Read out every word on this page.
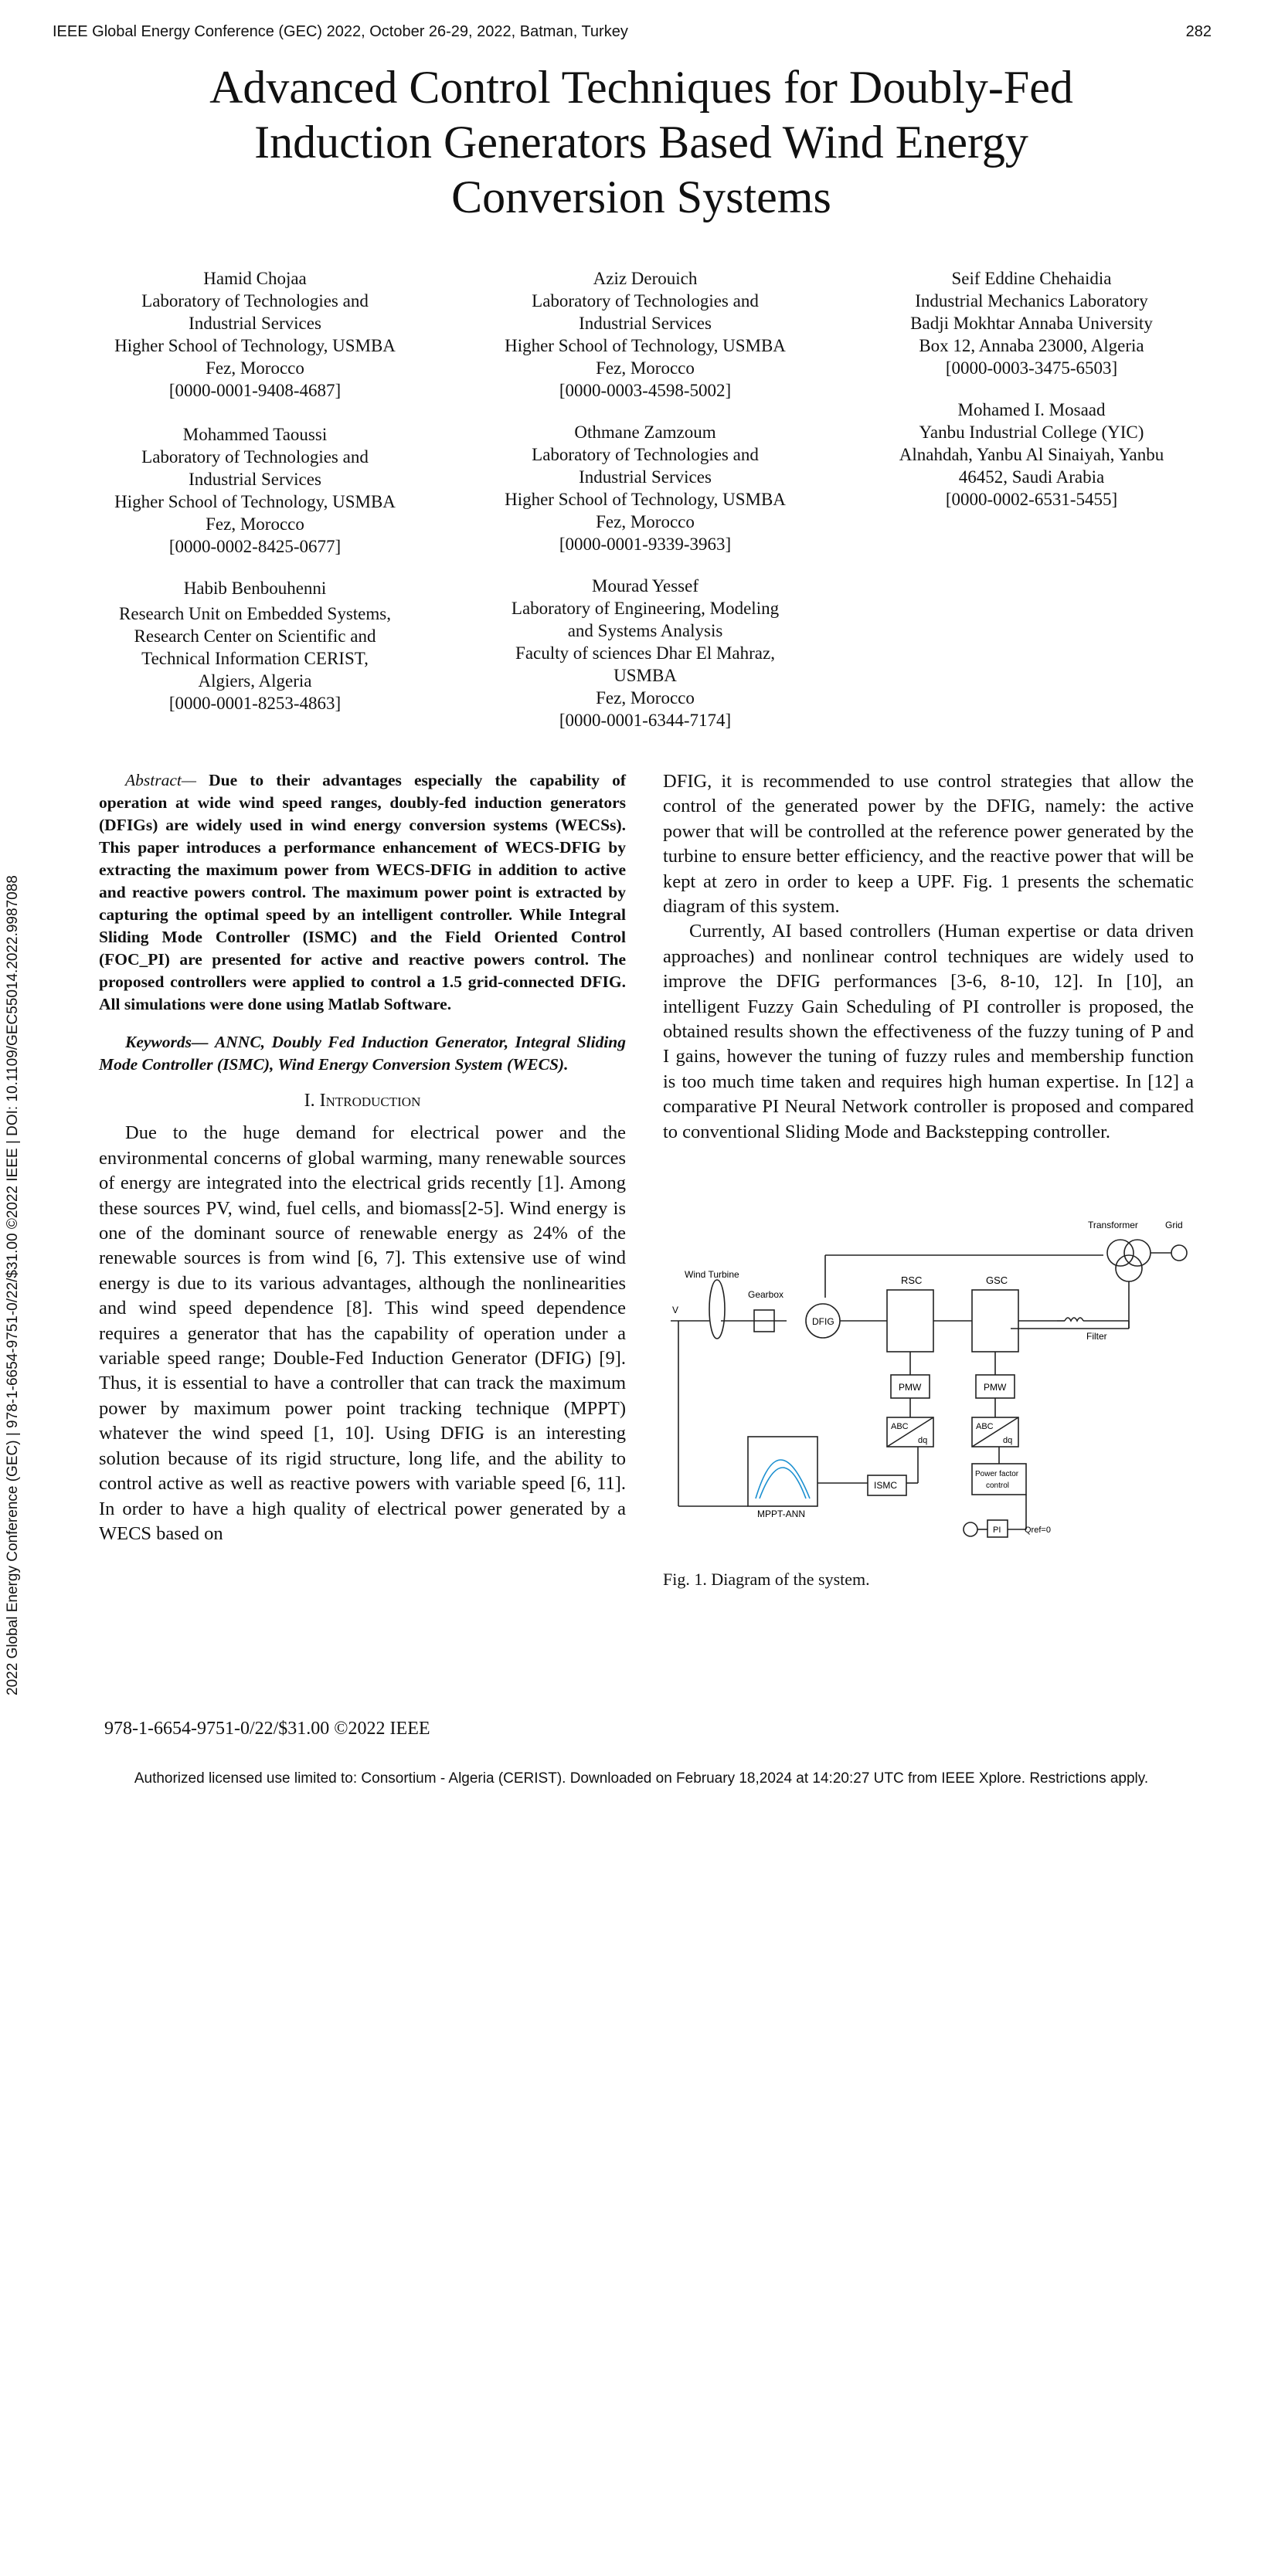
IEEE Global Energy Conference (GEC) 2022, October 26-29, 2022, Batman, Turkey	282
Advanced Control Techniques for Doubly-Fed
Induction Generators Based Wind Energy
Conversion Systems
Hamid Chojaa
Laboratory of Technologies and
Industrial Services
Higher School of Technology, USMBA
Fez, Morocco
[0000-0001-9408-4687]
Mohammed Taoussi
Laboratory of Technologies and
Industrial Services
Higher School of Technology, USMBA
Fez, Morocco
[0000-0002-8425-0677]
Habib Benbouhenni
Research Unit on Embedded Systems,
Research Center on Scientific and
Technical Information CERIST,
Algiers, Algeria
[0000-0001-8253-4863]
Aziz Derouich
Laboratory of Technologies and
Industrial Services
Higher School of Technology, USMBA
Fez, Morocco
[0000-0003-4598-5002]
Othmane Zamzoum
Laboratory of Technologies and
Industrial Services
Higher School of Technology, USMBA
Fez, Morocco
[0000-0001-9339-3963]
Mourad Yessef
Laboratory of Engineering, Modeling
and Systems Analysis
Faculty of sciences Dhar El Mahraz,
USMBA
Fez, Morocco
[0000-0001-6344-7174]
Seif Eddine Chehaidia
Industrial Mechanics Laboratory
Badji Mokhtar Annaba University
Box 12, Annaba 23000, Algeria
[0000-0003-3475-6503]
Mohamed I. Mosaad
Yanbu Industrial College (YIC)
Alnahdah, Yanbu Al Sinaiyah, Yanbu
46452, Saudi Arabia
[0000-0002-6531-5455]
2022 Global Energy Conference (GEC) | 978-1-6654-9751-0/22/$31.00 ©2022 IEEE | DOI: 10.1109/GEC55014.2022.9987088

Abstract— Due to their advantages especially the capability of operation at wide wind speed ranges, doubly-fed induction generators (DFIGs) are widely used in wind energy conversion systems (WECSs). This paper introduces a performance enhancement of WECS-DFIG by extracting the maximum power from WECS-DFIG in addition to active and reactive powers control. The maximum power point is extracted by capturing the optimal speed by an intelligent controller. While Integral Sliding Mode Controller (ISMC) and the Field Oriented Control (FOC_PI) are presented for active and reactive powers control. The proposed controllers were applied to control a 1.5 grid-connected DFIG. All simulations were done using Matlab Software.

Keywords— ANNC, Doubly Fed Induction Generator, Integral Sliding Mode Controller (ISMC), Wind Energy Conversion System (WECS).

I. Introduction

Due to the huge demand for electrical power and the environmental concerns of global warming, many renewable sources of energy are integrated into the electrical grids recently [1]. Among these sources PV, wind, fuel cells, and biomass[2-5]. Wind energy is one of the dominant source of renewable energy as 24% of the renewable sources is from wind [6, 7]. This extensive use of wind energy is due to its various advantages, although the nonlinearities and wind speed dependence [8]. This wind speed dependence requires a generator that has the capability of operation under a variable speed range; Double-Fed Induction Generator (DFIG) [9]. Thus, it is essential to have a controller that can track the maximum power by maximum power point tracking technique (MPPT) whatever the wind speed [1, 10]. Using DFIG is an interesting solution because of its rigid structure, long life, and the ability to control active as well as reactive powers with variable speed [6, 11]. In order to have a high quality of electrical power generated by a WECS based on

DFIG, it is recommended to use control strategies that allow the control of the generated power by the DFIG, namely: the active power that will be controlled at the reference power generated by the turbine to ensure better efficiency, and the reactive power that will be kept at zero in order to keep a UPF. Fig. 1 presents the schematic diagram of this system.

Currently, AI based controllers (Human expertise or data driven approaches) and nonlinear control techniques are widely used to improve the DFIG performances [3-6, 8-10, 12]. In [10], an intelligent Fuzzy Gain Scheduling of PI controller is proposed, the obtained results shown the effectiveness of the fuzzy tuning of P and I gains, however the tuning of fuzzy rules and membership function is too much time taken and requires high human expertise. In [12] a comparative PI Neural Network controller is proposed and compared to conventional Sliding Mode and Backstepping controller.

Transformer	Grid
Wind Turbine
Gearbox
DFIG
RSC	GSC
Filter
PMW	PMW
ABC
dq
ABC
dq
ISMC
MPPT-ANN
Power factor
control
PI
V
Qref=0
Fig. 1. Diagram of the system.
978-1-6654-9751-0/22/$31.00 ©2022 IEEE
Authorized licensed use limited to: Consortium - Algeria (CERIST). Downloaded on February 18,2024 at 14:20:27 UTC from IEEE Xplore. Restrictions apply.
